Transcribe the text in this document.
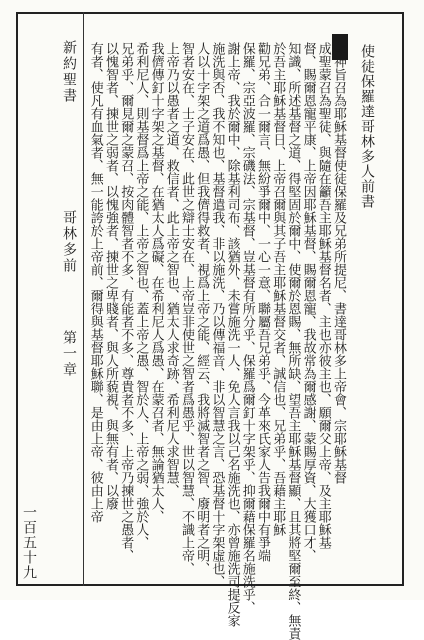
新約聖書
哥林多前
第一章
一百五十九
使徒保羅達哥林多人前書
蒙神旨召為耶穌基督使徒保羅及兄弟所提尼、書達哥林多上帝會、宗耶穌基督
成聖蒙召為聖徒、與隨在籲吾主耶穌基督名者、主也亦彼主也、願爾父上帝、及主耶穌基
督、賜爾恩寵平康、上帝因耶穌基督、賜爾恩寵、我故常為爾感謝、蒙賜厚資、大獲口才、
知識、所述基督之道、得堅固於爾中、使爾於恩賜、無所缺、望吾主耶穌基督顯、且其將堅爾至終、無責
於吾主耶穌基督日、上帝召爾與其子吾主耶穌基督交者、誠信也、兄弟乎、吾藉主耶穌
勸兄弟、合一爾言、無紛爭爾中、一心一意、聯屬吾兄弟乎、今革來氏家人告我爾中有爭端
保羅、宗亞波羅、宗磯法、宗基督、豈基督有所分乎、保羅爲爾釘十字架乎、抑爾藉保羅名施洗乎、
謝上帝、我於爾中、除基利司布、該猶外、未嘗施洗一人、免人言我以己名施洗也、亦曾施洗司提反家
施洗與否、我不知也、基督遣我、非以施洗、乃以傳福音、非以智慧之言、恐基督十字架虛也、
人以十字架之道爲愚、但我儕得救者、視爲上帝之能、經云、我將滅智者之智、廢明者之明、
智者安在、士子安在、此世之辯士安在、上帝豈非使世之智者爲愚乎、世以智慧、不識上帝、
上帝乃以愚者之道、救信者、此上帝之智也、猶太人求奇跡、希利尼人求智慧、
我儕傳釘十字架之基督、在猶太人爲礙、在希利尼人爲愚、在蒙召者、無論猶太人、
希利尼人、則基督爲上帝之能、上帝之智也、蓋上帝之愚、智於人、上帝之弱、強於人、
兄弟乎、爾見爾之蒙召、按肉體智者不多、有能者不多、尊貴者不多、上帝乃揀世之愚者、
以愧智者、揀世之弱者、以愧強者、揀世之卑賤者、與人所藐視、與無有者、以廢
有者、使凡有血氣者、無一能誇於上帝前、爾得與基督耶穌聯、是由上帝、彼由上帝
